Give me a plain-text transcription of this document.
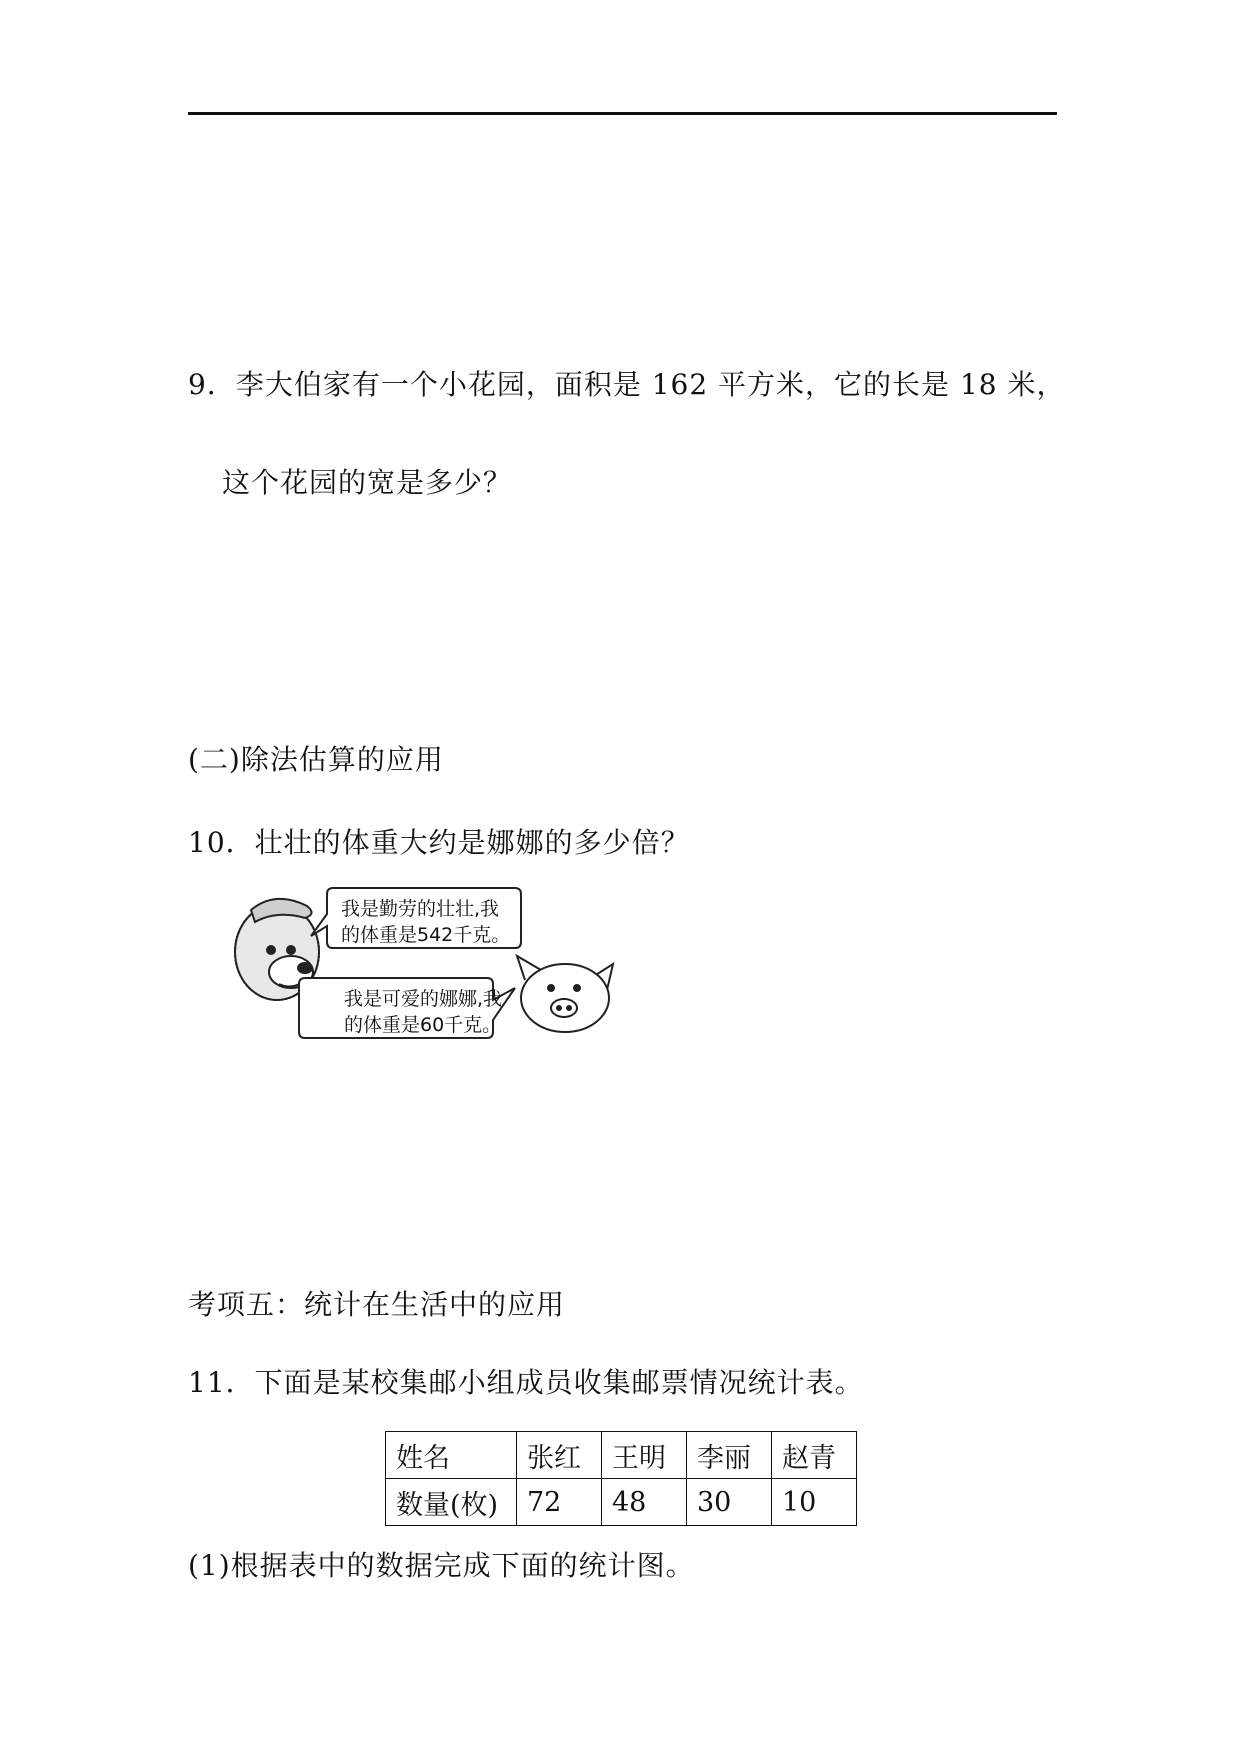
9．李大伯家有一个小花园，面积是 162 平方米，它的长是 18 米，
这个花园的宽是多少？
(二)除法估算的应用
10．壮壮的体重大约是娜娜的多少倍？
我是勤劳的壮壮,我
的体重是542千克。
我是可爱的娜娜,我
的体重是60千克。
考项五：统计在生活中的应用
11．下面是某校集邮小组成员收集邮票情况统计表。
姓名	张红	王明	李丽	赵青
数量(枚)	72	48	30	10
(1)根据表中的数据完成下面的统计图。
